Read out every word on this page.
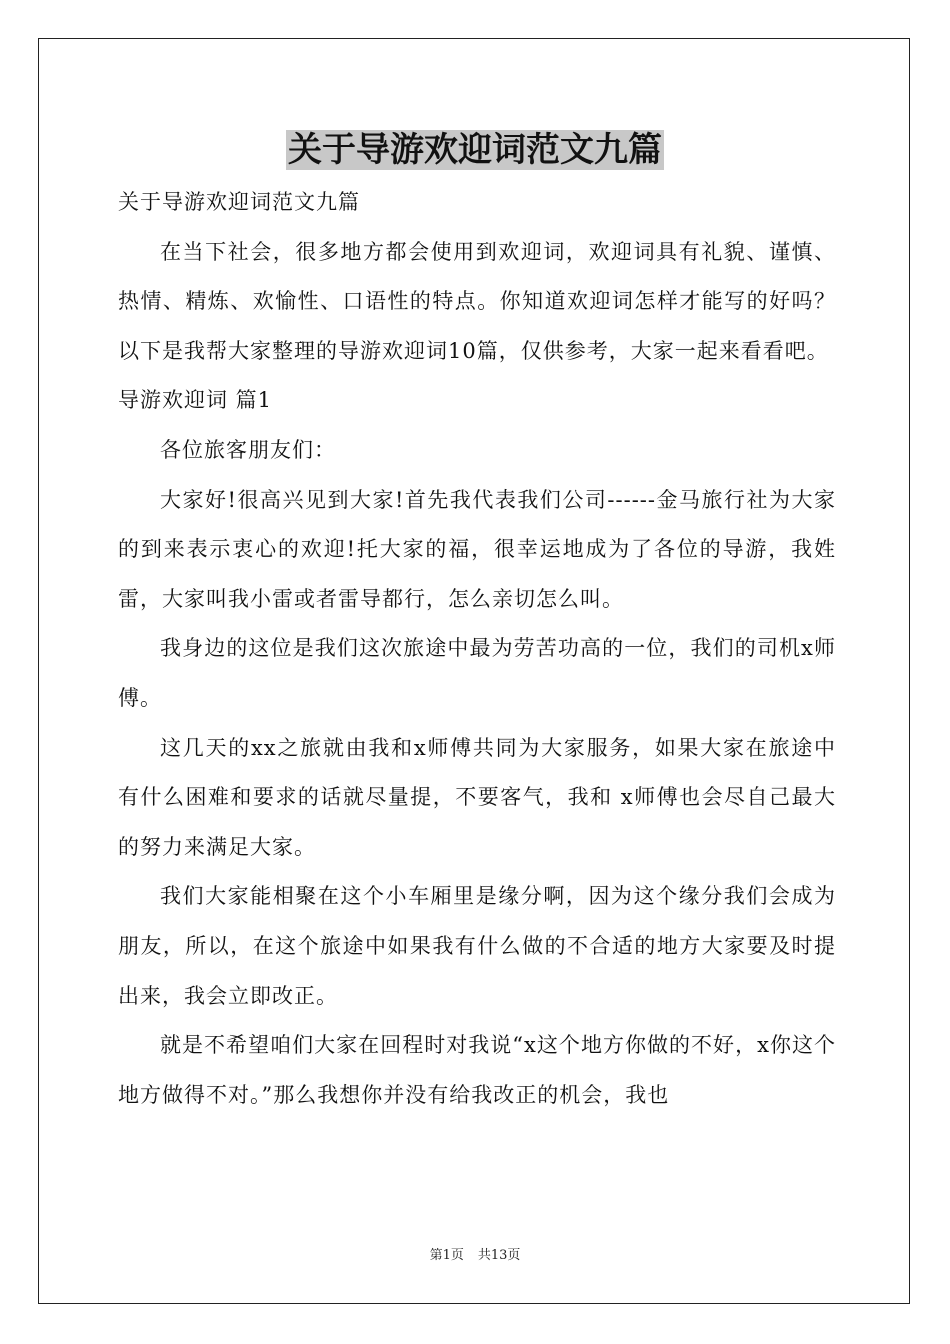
关于导游欢迎词范文九篇

关于导游欢迎词范文九篇

在当下社会，很多地方都会使用到欢迎词，欢迎词具有礼貌、谨慎、热情、精炼、欢愉性、口语性的特点。你知道欢迎词怎样才能写的好吗？以下是我帮大家整理的导游欢迎词10篇，仅供参考，大家一起来看看吧。

导游欢迎词 篇1

各位旅客朋友们：

大家好!很高兴见到大家!首先我代表我们公司------金马旅行社为大家的到来表示衷心的欢迎!托大家的福，很幸运地成为了各位的导游，我姓雷，大家叫我小雷或者雷导都行，怎么亲切怎么叫。

我身边的这位是我们这次旅途中最为劳苦功高的一位，我们的司机x师傅。

这几天的xx之旅就由我和x师傅共同为大家服务，如果大家在旅途中有什么困难和要求的话就尽量提，不要客气，我和 x师傅也会尽自己最大的努力来满足大家。

我们大家能相聚在这个小车厢里是缘分啊，因为这个缘分我们会成为朋友，所以，在这个旅途中如果我有什么做的不合适的地方大家要及时提出来，我会立即改正。

就是不希望咱们大家在回程时对我说“x这个地方你做的不好，x你这个地方做得不对。”那么我想你并没有给我改正的机会，我也

第1页 共13页
